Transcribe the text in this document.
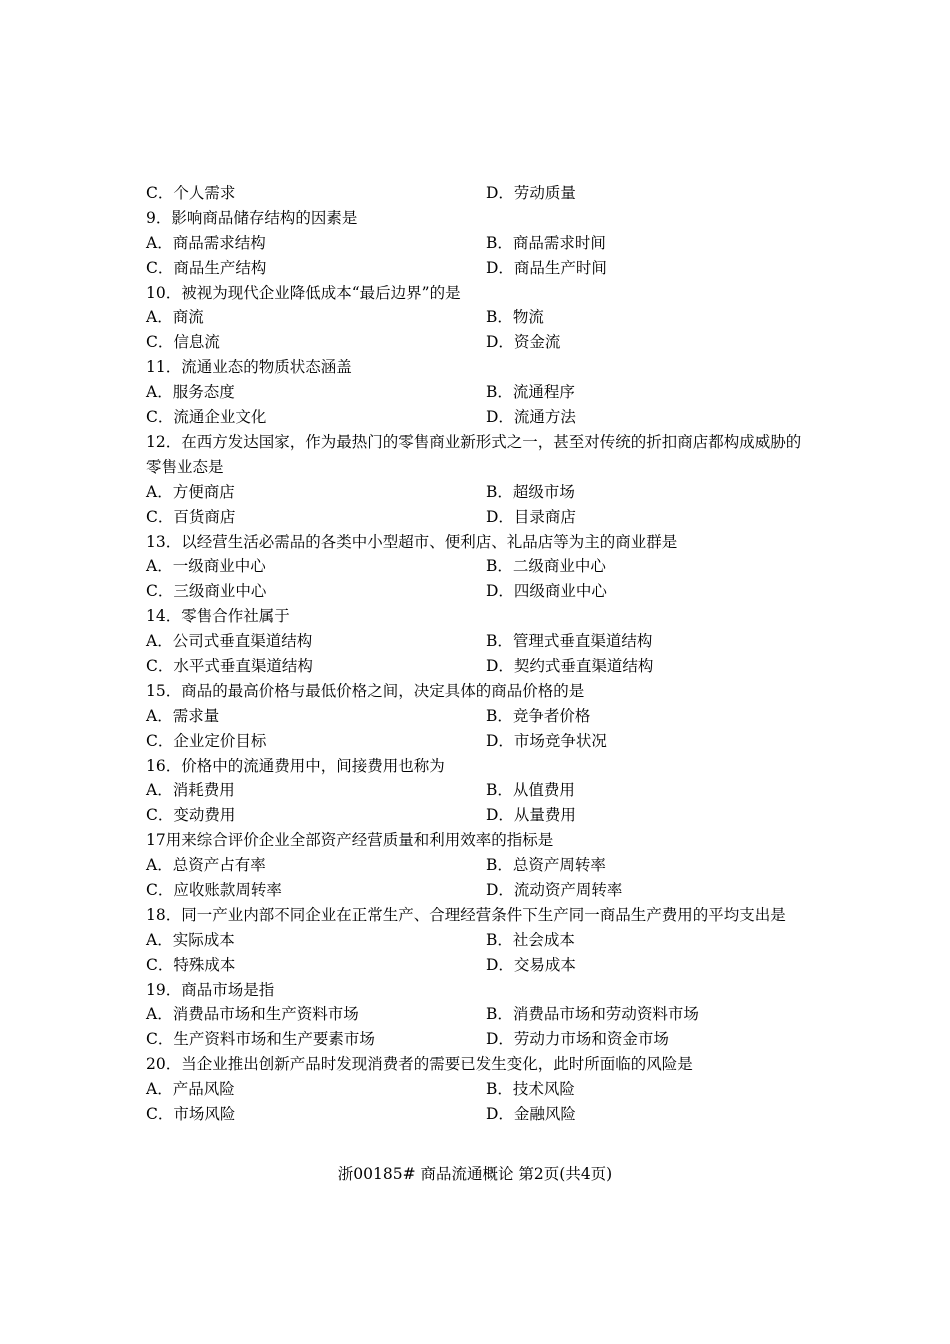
C．个人需求	D．劳动质量
9．影响商品储存结构的因素是
A．商品需求结构	B．商品需求时间
C．商品生产结构	D．商品生产时间
10．被视为现代企业降低成本“最后边界”的是
A．商流	B．物流
C．信息流	D．资金流
11．流通业态的物质状态涵盖
A．服务态度	B．流通程序
C．流通企业文化	D．流通方法
12．在西方发达国家，作为最热门的零售商业新形式之一，甚至对传统的折扣商店都构成威胁的零售业态是
A．方便商店	B．超级市场
C．百货商店	D．目录商店
13．以经营生活必需品的各类中小型超市、便利店、礼品店等为主的商业群是
A．一级商业中心	B．二级商业中心
C．三级商业中心	D．四级商业中心
14．零售合作社属于
A．公司式垂直渠道结构	B．管理式垂直渠道结构
C．水平式垂直渠道结构	D．契约式垂直渠道结构
15．商品的最高价格与最低价格之间，决定具体的商品价格的是
A．需求量	B．竞争者价格
C．企业定价目标	D．市场竞争状况
16．价格中的流通费用中，间接费用也称为
A．消耗费用	B．从值费用
C．变动费用	D．从量费用
17用来综合评价企业全部资产经营质量和利用效率的指标是
A．总资产占有率	B．总资产周转率
C．应收账款周转率	D．流动资产周转率
18．同一产业内部不同企业在正常生产、合理经营条件下生产同一商品生产费用的平均支出是
A．实际成本	B．社会成本
C．特殊成本	D．交易成本
19．商品市场是指
A．消费品市场和生产资料市场	B．消费品市场和劳动资料市场
C．生产资料市场和生产要素市场	D．劳动力市场和资金市场
20．当企业推出创新产品时发现消费者的需要已发生变化，此时所面临的风险是
A．产品风险	B．技术风险
C．市场风险	D．金融风险
浙00185# 商品流通概论 第2页(共4页)
